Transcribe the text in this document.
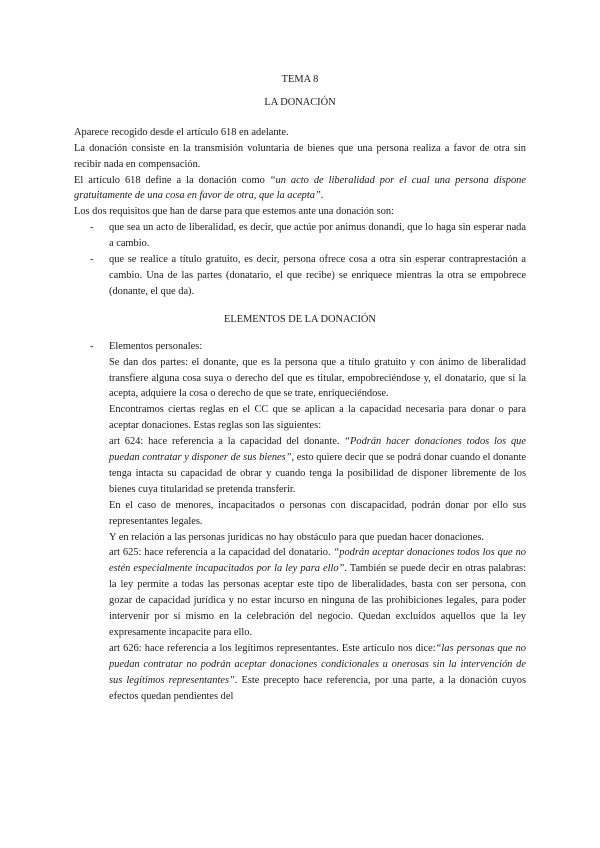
TEMA 8
LA DONACIÓN

Aparece recogido desde el artículo 618 en adelante.

La donación consiste en la transmisión voluntaria de bienes que una persona realiza a favor de otra sin recibir nada en compensación.

El artículo 618 define a la donación como “un acto de liberalidad por el cual una persona dispone gratuitamente de una cosa en favor de otra, que la acepta”.

Los dos requisitos que han de darse para que estemos ante una donación son:

- que sea un acto de liberalidad, es decir, que actúe por animus donandi, que lo haga sin esperar nada a cambio.
- que se realice a título gratuito, es decir, persona ofrece cosa a otra sin esperar contraprestación a cambio. Una de las partes (donatario, el que recibe) se enriquece mientras la otra se empobrece (donante, el que da).
ELEMENTOS DE LA DONACIÓN
- Elementos personales:

Se dan dos partes: el donante, que es la persona que a título gratuito y con ánimo de liberalidad transfiere alguna cosa suya o derecho del que es titular, empobreciéndose y, el donatario, que si la acepta, adquiere la cosa o derecho de que se trate, enriqueciéndose.

Encontramos ciertas reglas en el CC que se aplican a la capacidad necesaria para donar o para aceptar donaciones. Estas reglas son las siguientes:

art 624: hace referencia a la capacidad del donante. “Podrán hacer donaciones todos los que puedan contratar y disponer de sus bienes”, esto quiere decir que se podrá donar cuando el donante tenga intacta su capacidad de obrar y cuando tenga la posibilidad de disponer libremente de los bienes cuya titularidad se pretenda transferir.

En el caso de menores, incapacitados o personas con discapacidad, podrán donar por ello sus representantes legales.

Y en relación a las personas jurídicas no hay obstáculo para que puedan hacer donaciones.

art 625: hace referencia a la capacidad del donatario. “podrán aceptar donaciones todos los que no estén especialmente incapacitados por la ley para ello”. También se puede decir en otras palabras: la ley permite a todas las personas aceptar este tipo de liberalidades, basta con ser persona, con gozar de capacidad jurídica y no estar incurso en ninguna de las prohibiciones legales, para poder intervenir por sí mismo en la celebración del negocio. Quedan excluidos aquellos que la ley expresamente incapacite para ello.

art 626: hace referencia a los legítimos representantes. Este artículo nos dice:“las personas que no puedan contratar no podrán aceptar donaciones condicionales u onerosas sin la intervención de sus legítimos representantes”. Este precepto hace referencia, por una parte, a la donación cuyos efectos quedan pendientes del
